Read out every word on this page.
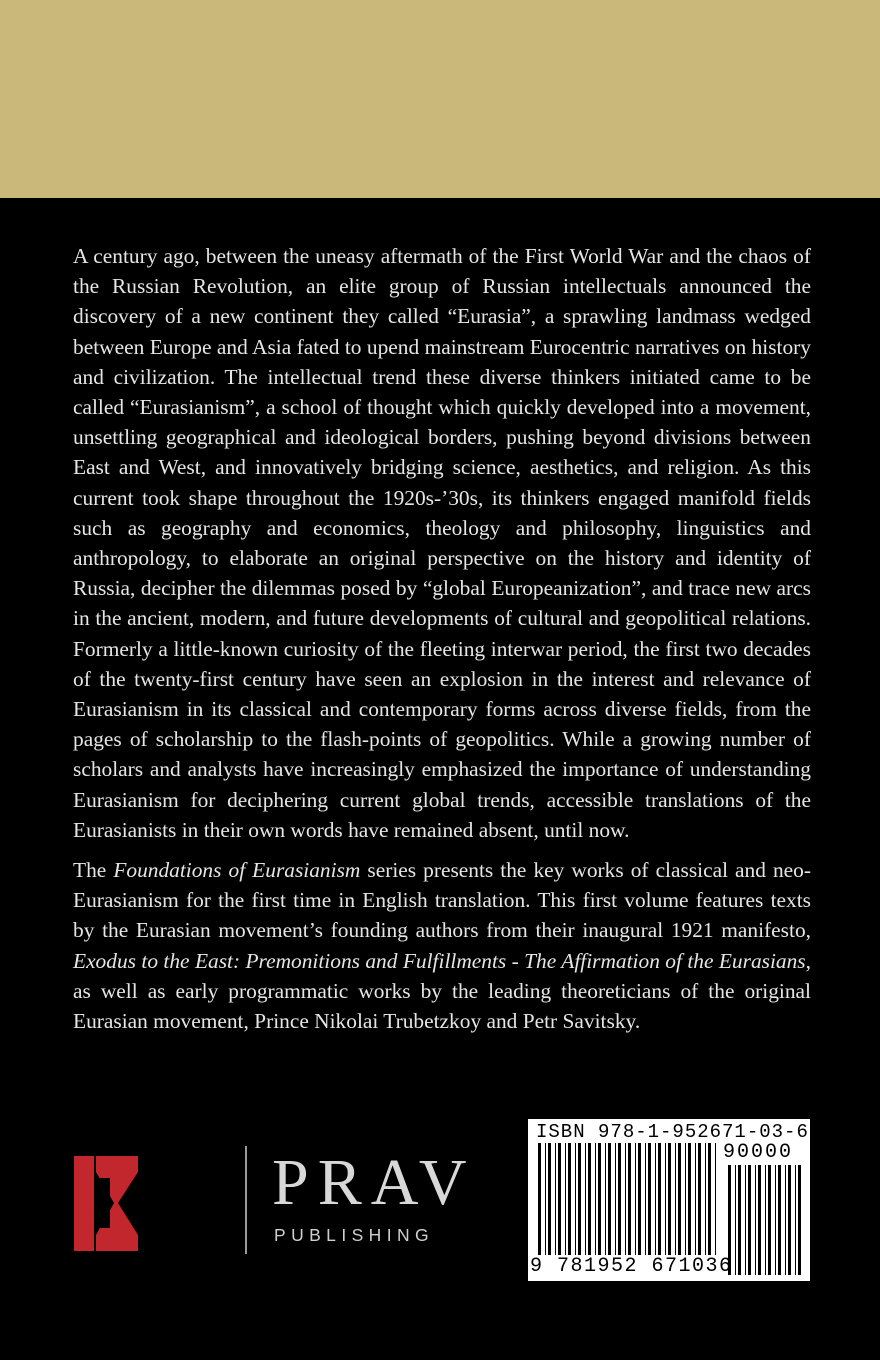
A century ago, between the uneasy aftermath of the First World War and the chaos of the Russian Revolution, an elite group of Russian intellectuals announced the discovery of a new continent they called “Eurasia”, a sprawling landmass wedged between Europe and Asia fated to upend mainstream Eurocentric narratives on history and civilization. The intellectual trend these diverse thinkers initiated came to be called “Eurasianism”, a school of thought which quickly developed into a movement, unsettling geographical and ideological borders, pushing beyond divisions between East and West, and innovatively bridging science, aesthetics, and religion. As this current took shape throughout the 1920s-’30s, its thinkers engaged manifold fields such as geography and economics, theology and philosophy, linguistics and anthropology, to elaborate an original perspective on the history and identity of Russia, decipher the dilemmas posed by “global Europeanization”, and trace new arcs in the ancient, modern, and future developments of cultural and geopolitical relations. Formerly a little-known curiosity of the fleeting interwar period, the first two decades of the twenty-first century have seen an explosion in the interest and relevance of Eurasianism in its classical and contemporary forms across diverse fields, from the pages of scholarship to the flash-points of geopolitics. While a growing number of scholars and analysts have increasingly emphasized the importance of understanding Eurasianism for deciphering current global trends, accessible translations of the Eurasianists in their own words have remained absent, until now.

The Foundations of Eurasianism series presents the key works of classical and neo-Eurasianism for the first time in English translation. This first volume features texts by the Eurasian movement’s founding authors from their inaugural 1921 manifesto, Exodus to the East: Premonitions and Fulfillments - The Affirmation of the Eurasians, as well as early programmatic works by the leading theoreticians of the original Eurasian movement, Prince Nikolai Trubetzkoy and Petr Savitsky.

PRAV
PUBLISHING
ISBN 978-1-952671-03-6
90000
9 781952 671036
